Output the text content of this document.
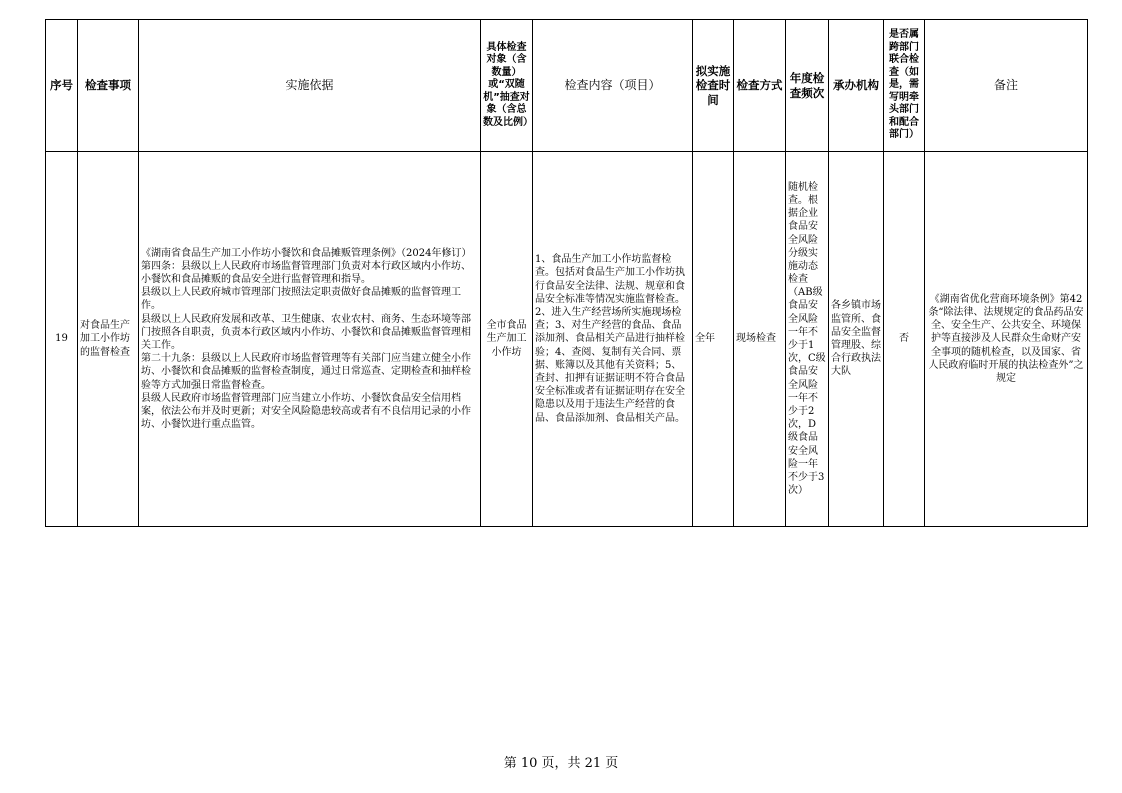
序号	检查事项	实施依据	具体检查对象（含数量）或“双随机”抽查对象（含总数及比例）	检查内容（项目）	拟实施检查时间	检查方式	年度检查频次	承办机构	是否属跨部门联合检查（如是，需写明牵头部门和配合部门）	备注
19	对食品生产加工小作坊的监督检查	《湖南省食品生产加工小作坊小餐饮和食品摊贩管理条例》（2024年修订）第四条：县级以上人民政府市场监督管理部门负责对本行政区域内小作坊、小餐饮和食品摊贩的食品安全进行监督管理和指导。
县级以上人民政府城市管理部门按照法定职责做好食品摊贩的监督管理工作。
县级以上人民政府发展和改革、卫生健康、农业农村、商务、生态环境等部门按照各自职责，负责本行政区域内小作坊、小餐饮和食品摊贩监督管理相关工作。
第二十九条：县级以上人民政府市场监督管理等有关部门应当建立健全小作坊、小餐饮和食品摊贩的监督检查制度，通过日常巡查、定期检查和抽样检验等方式加强日常监督检查。
县级人民政府市场监督管理部门应当建立小作坊、小餐饮食品安全信用档案，依法公布并及时更新；对安全风险隐患较高或者有不良信用记录的小作坊、小餐饮进行重点监管。	全市食品生产加工小作坊	1、食品生产加工小作坊监督检查。包括对食品生产加工小作坊执行食品安全法律、法规、规章和食品安全标准等情况实施监督检查。2、进入生产经营场所实施现场检查；3、对生产经营的食品、食品添加剂、食品相关产品进行抽样检验；4、查阅、复制有关合同、票据、账簿以及其他有关资料；5、查封、扣押有证据证明不符合食品安全标准或者有证据证明存在安全隐患以及用于违法生产经营的食品、食品添加剂、食品相关产品。	全年	现场检查	随机检查。根据企业食品安全风险分级实施动态检查（AB级食品安全风险一年不少于1次，C级食品安全风险一年不少于2次，D级食品安全风险一年不少于3次）	各乡镇市场监管所、食品安全监督管理股、综合行政执法大队	否	《湖南省优化营商环境条例》第42条“除法律、法规规定的食品药品安全、安全生产、公共安全、环境保护等直接涉及人民群众生命财产安全事项的随机检查，以及国家、省人民政府临时开展的执法检查外”之规定
第 10 页，共 21 页
